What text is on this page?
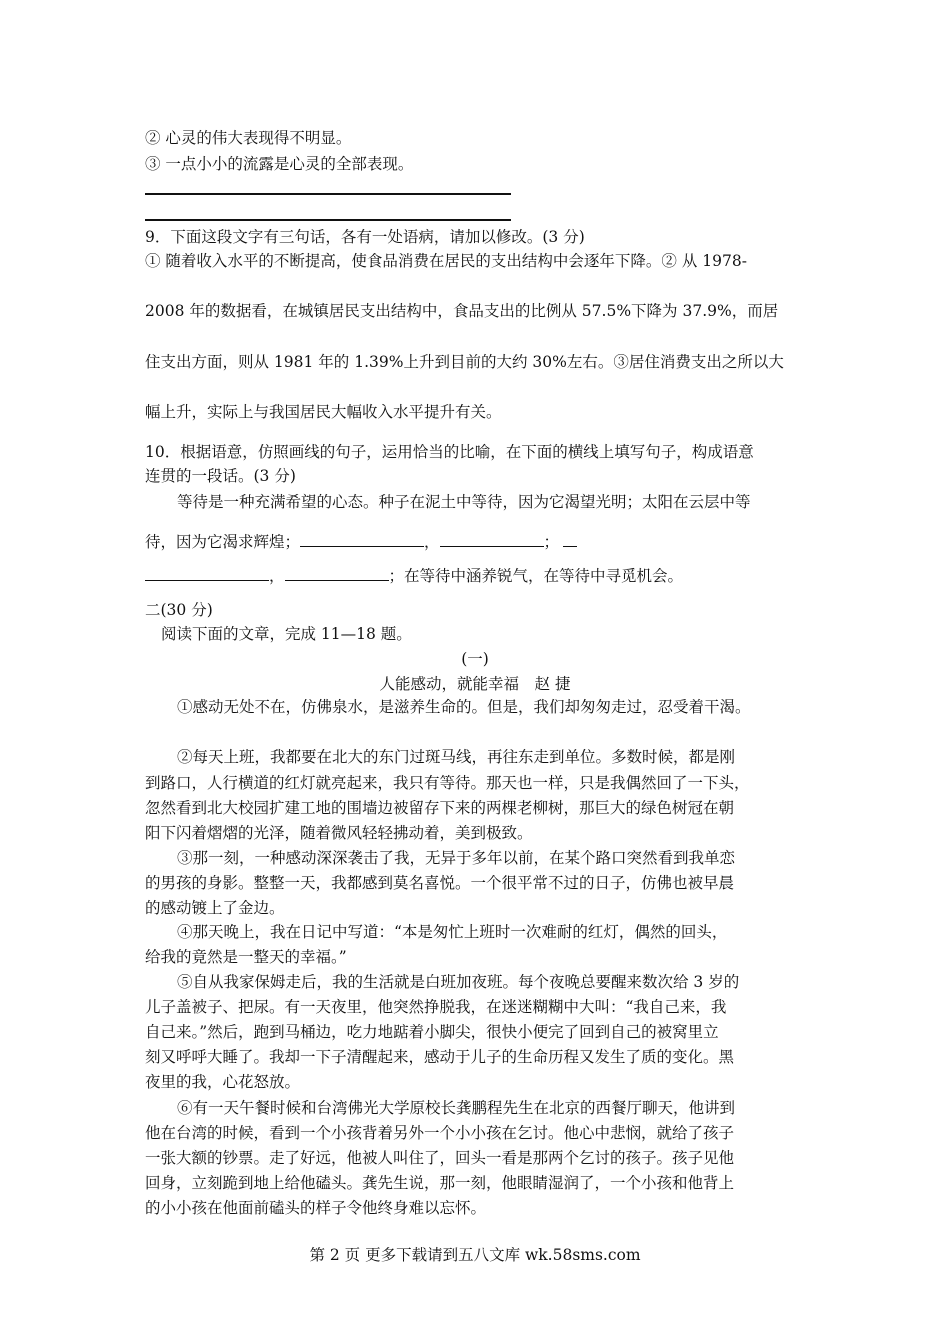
② 心灵的伟大表现得不明显。
③ 一点小小的流露是心灵的全部表现。
9．下面这段文字有三句话，各有一处语病，请加以修改。(3 分)
① 随着收入水平的不断提高，使食品消费在居民的支出结构中会逐年下降。② 从 1978-
2008 年的数据看，在城镇居民支出结构中，食品支出的比例从 57.5%下降为 37.9%，而居
住支出方面，则从 1981 年的 1.39%上升到目前的大约 30%左右。③居住消费支出之所以大
幅上升，实际上与我国居民大幅收入水平提升有关。
10．根据语意，仿照画线的句子，运用恰当的比喻，在下面的横线上填写句子，构成语意
连贯的一段话。(3 分)
等待是一种充满希望的心态。种子在泥土中等待，因为它渴望光明；太阳在云层中等
待，因为它渴求辉煌；	，	；
，	；在等待中涵养锐气，在等待中寻觅机会。
二(30 分)
阅读下面的文章，完成 11—18 题。
(一)
人能感动，就能幸福　赵 捷
①感动无处不在，仿佛泉水，是滋养生命的。但是，我们却匆匆走过，忍受着干渴。
②每天上班，我都要在北大的东门过斑马线，再往东走到单位。多数时候，都是刚
到路口，人行横道的红灯就亮起来，我只有等待。那天也一样，只是我偶然回了一下头，
忽然看到北大校园扩建工地的围墙边被留存下来的两棵老柳树，那巨大的绿色树冠在朝
阳下闪着熠熠的光泽，随着微风轻轻拂动着，美到极致。
③那一刻，一种感动深深袭击了我，无异于多年以前，在某个路口突然看到我单恋
的男孩的身影。整整一天，我都感到莫名喜悦。一个很平常不过的日子，仿佛也被早晨
的感动镀上了金边。
④那天晚上，我在日记中写道：“本是匆忙上班时一次难耐的红灯，偶然的回头，
给我的竟然是一整天的幸福。”
⑤自从我家保姆走后，我的生活就是白班加夜班。每个夜晚总要醒来数次给 3 岁的
儿子盖被子、把尿。有一天夜里，他突然挣脱我，在迷迷糊糊中大叫：“我自己来，我
自己来。”然后，跑到马桶边，吃力地踮着小脚尖，很快小便完了回到自己的被窝里立
刻又呼呼大睡了。我却一下子清醒起来，感动于儿子的生命历程又发生了质的变化。黑
夜里的我，心花怒放。
⑥有一天午餐时候和台湾佛光大学原校长龚鹏程先生在北京的西餐厅聊天，他讲到
他在台湾的时候，看到一个小孩背着另外一个小小孩在乞讨。他心中悲悯，就给了孩子
一张大额的钞票。走了好远，他被人叫住了，回头一看是那两个乞讨的孩子。孩子见他
回身，立刻跪到地上给他磕头。龚先生说，那一刻，他眼睛湿润了，一个小孩和他背上
的小小孩在他面前磕头的样子令他终身难以忘怀。
第 2 页 更多下载请到五八文库 wk.58sms.com
